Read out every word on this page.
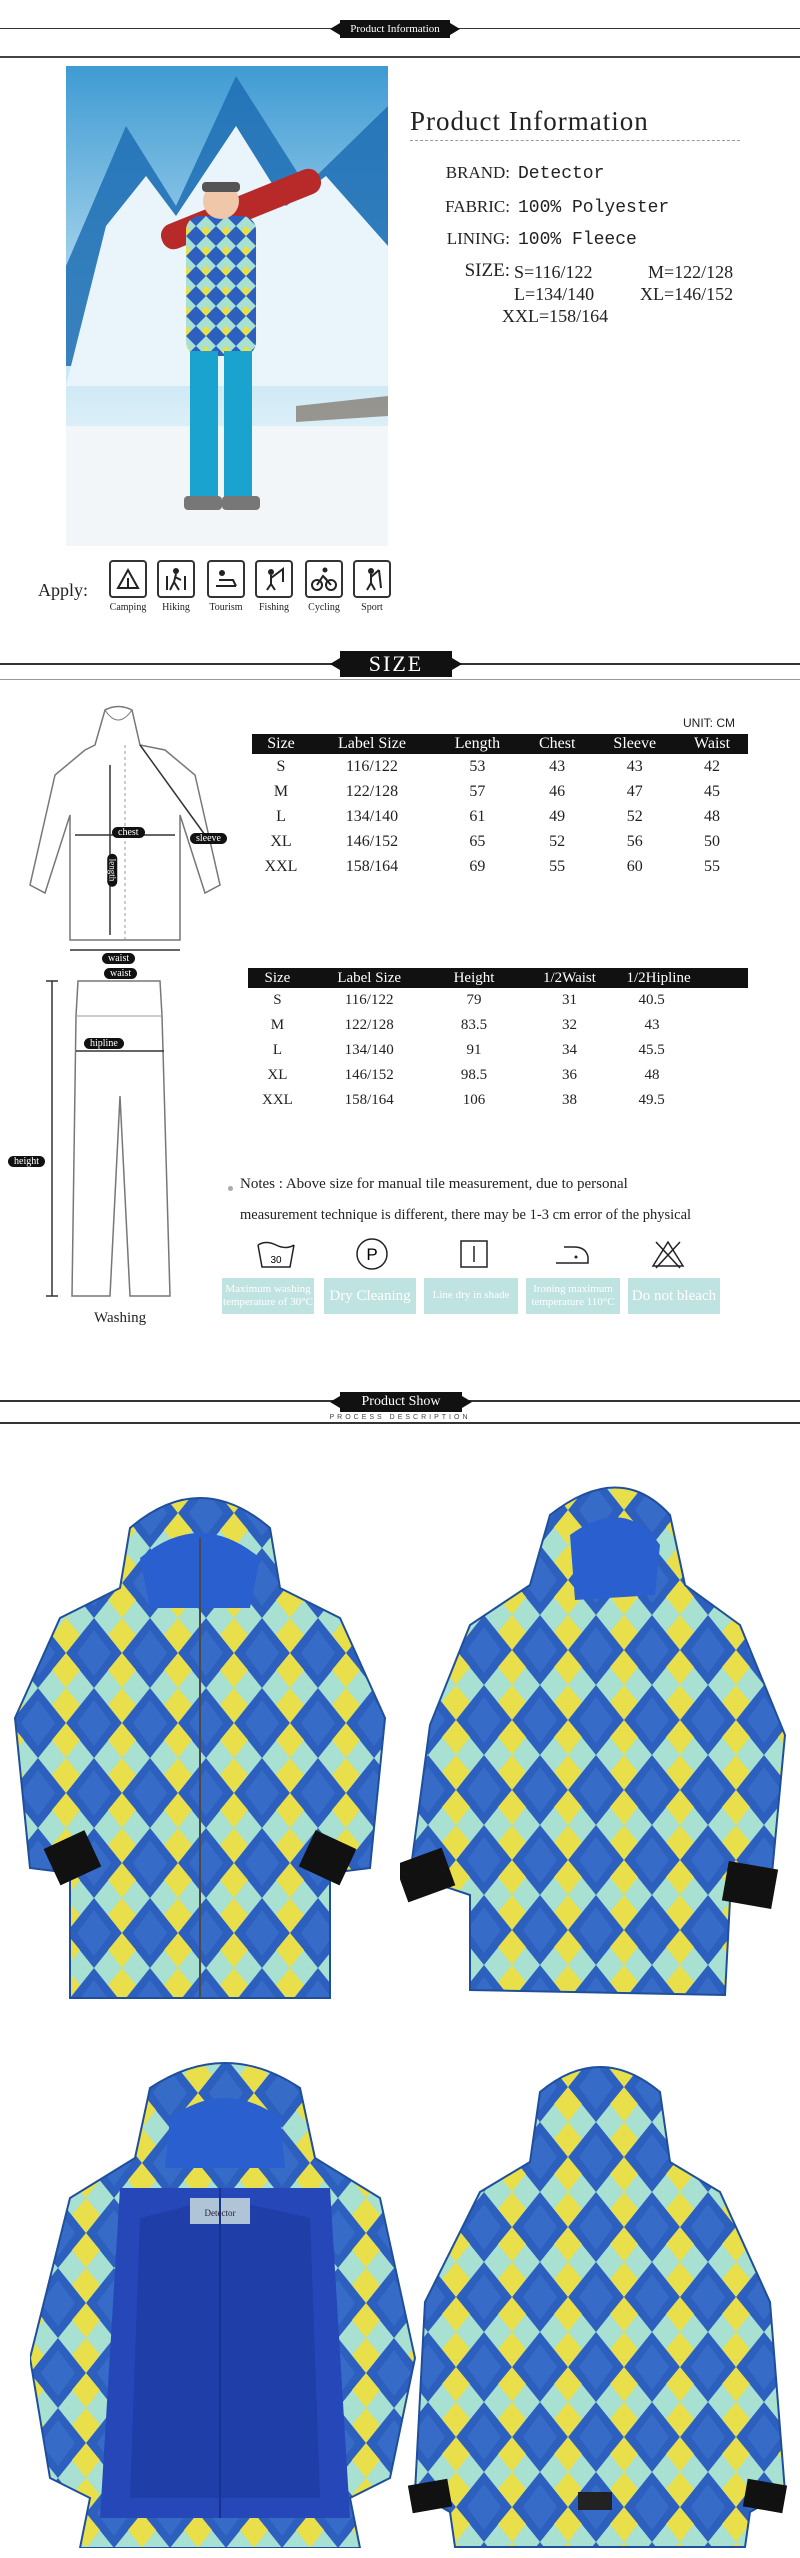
Product Information
Product Information
BRAND: Detector
FABRIC: 100% Polyester
LINING: 100% Fleece
SIZE: S=116/122	M=122/128
L=134/140	XL=146/152
XXL=158/164
Apply:
Camping	Hiking	Tourism	Fishing	Cycling	Sport
SIZE
chest
sleeve
length
waist
UNIT: CM
Size	Label Size	Length	Chest	Sleeve	Waist
S	116/122	53	43	43	42
M	122/128	57	46	47	45
L	134/140	61	49	52	48
XL	146/152	65	52	56	50
XXL	158/164	69	55	60	55
waist
hipline
height
Size	Label Size	Height	1/2Waist	1/2Hipline
S	116/122	79	31	40.5
M	122/128	83.5	32	43
L	134/140	91	34	45.5
XL	146/152	98.5	36	48
XXL	158/164	106	38	49.5
Notes : Above size for manual tile measurement, due to personal
measurement technique is different, there may be 1-3 cm error of the physical
30	P
Maximum washing temperature of 30°C	Dry Cleaning	Line dry in shade
Ironing maximum temperature 110°C	Do not bleach
Washing
Product Show
PROCESS DESCRIPTION
Detector
